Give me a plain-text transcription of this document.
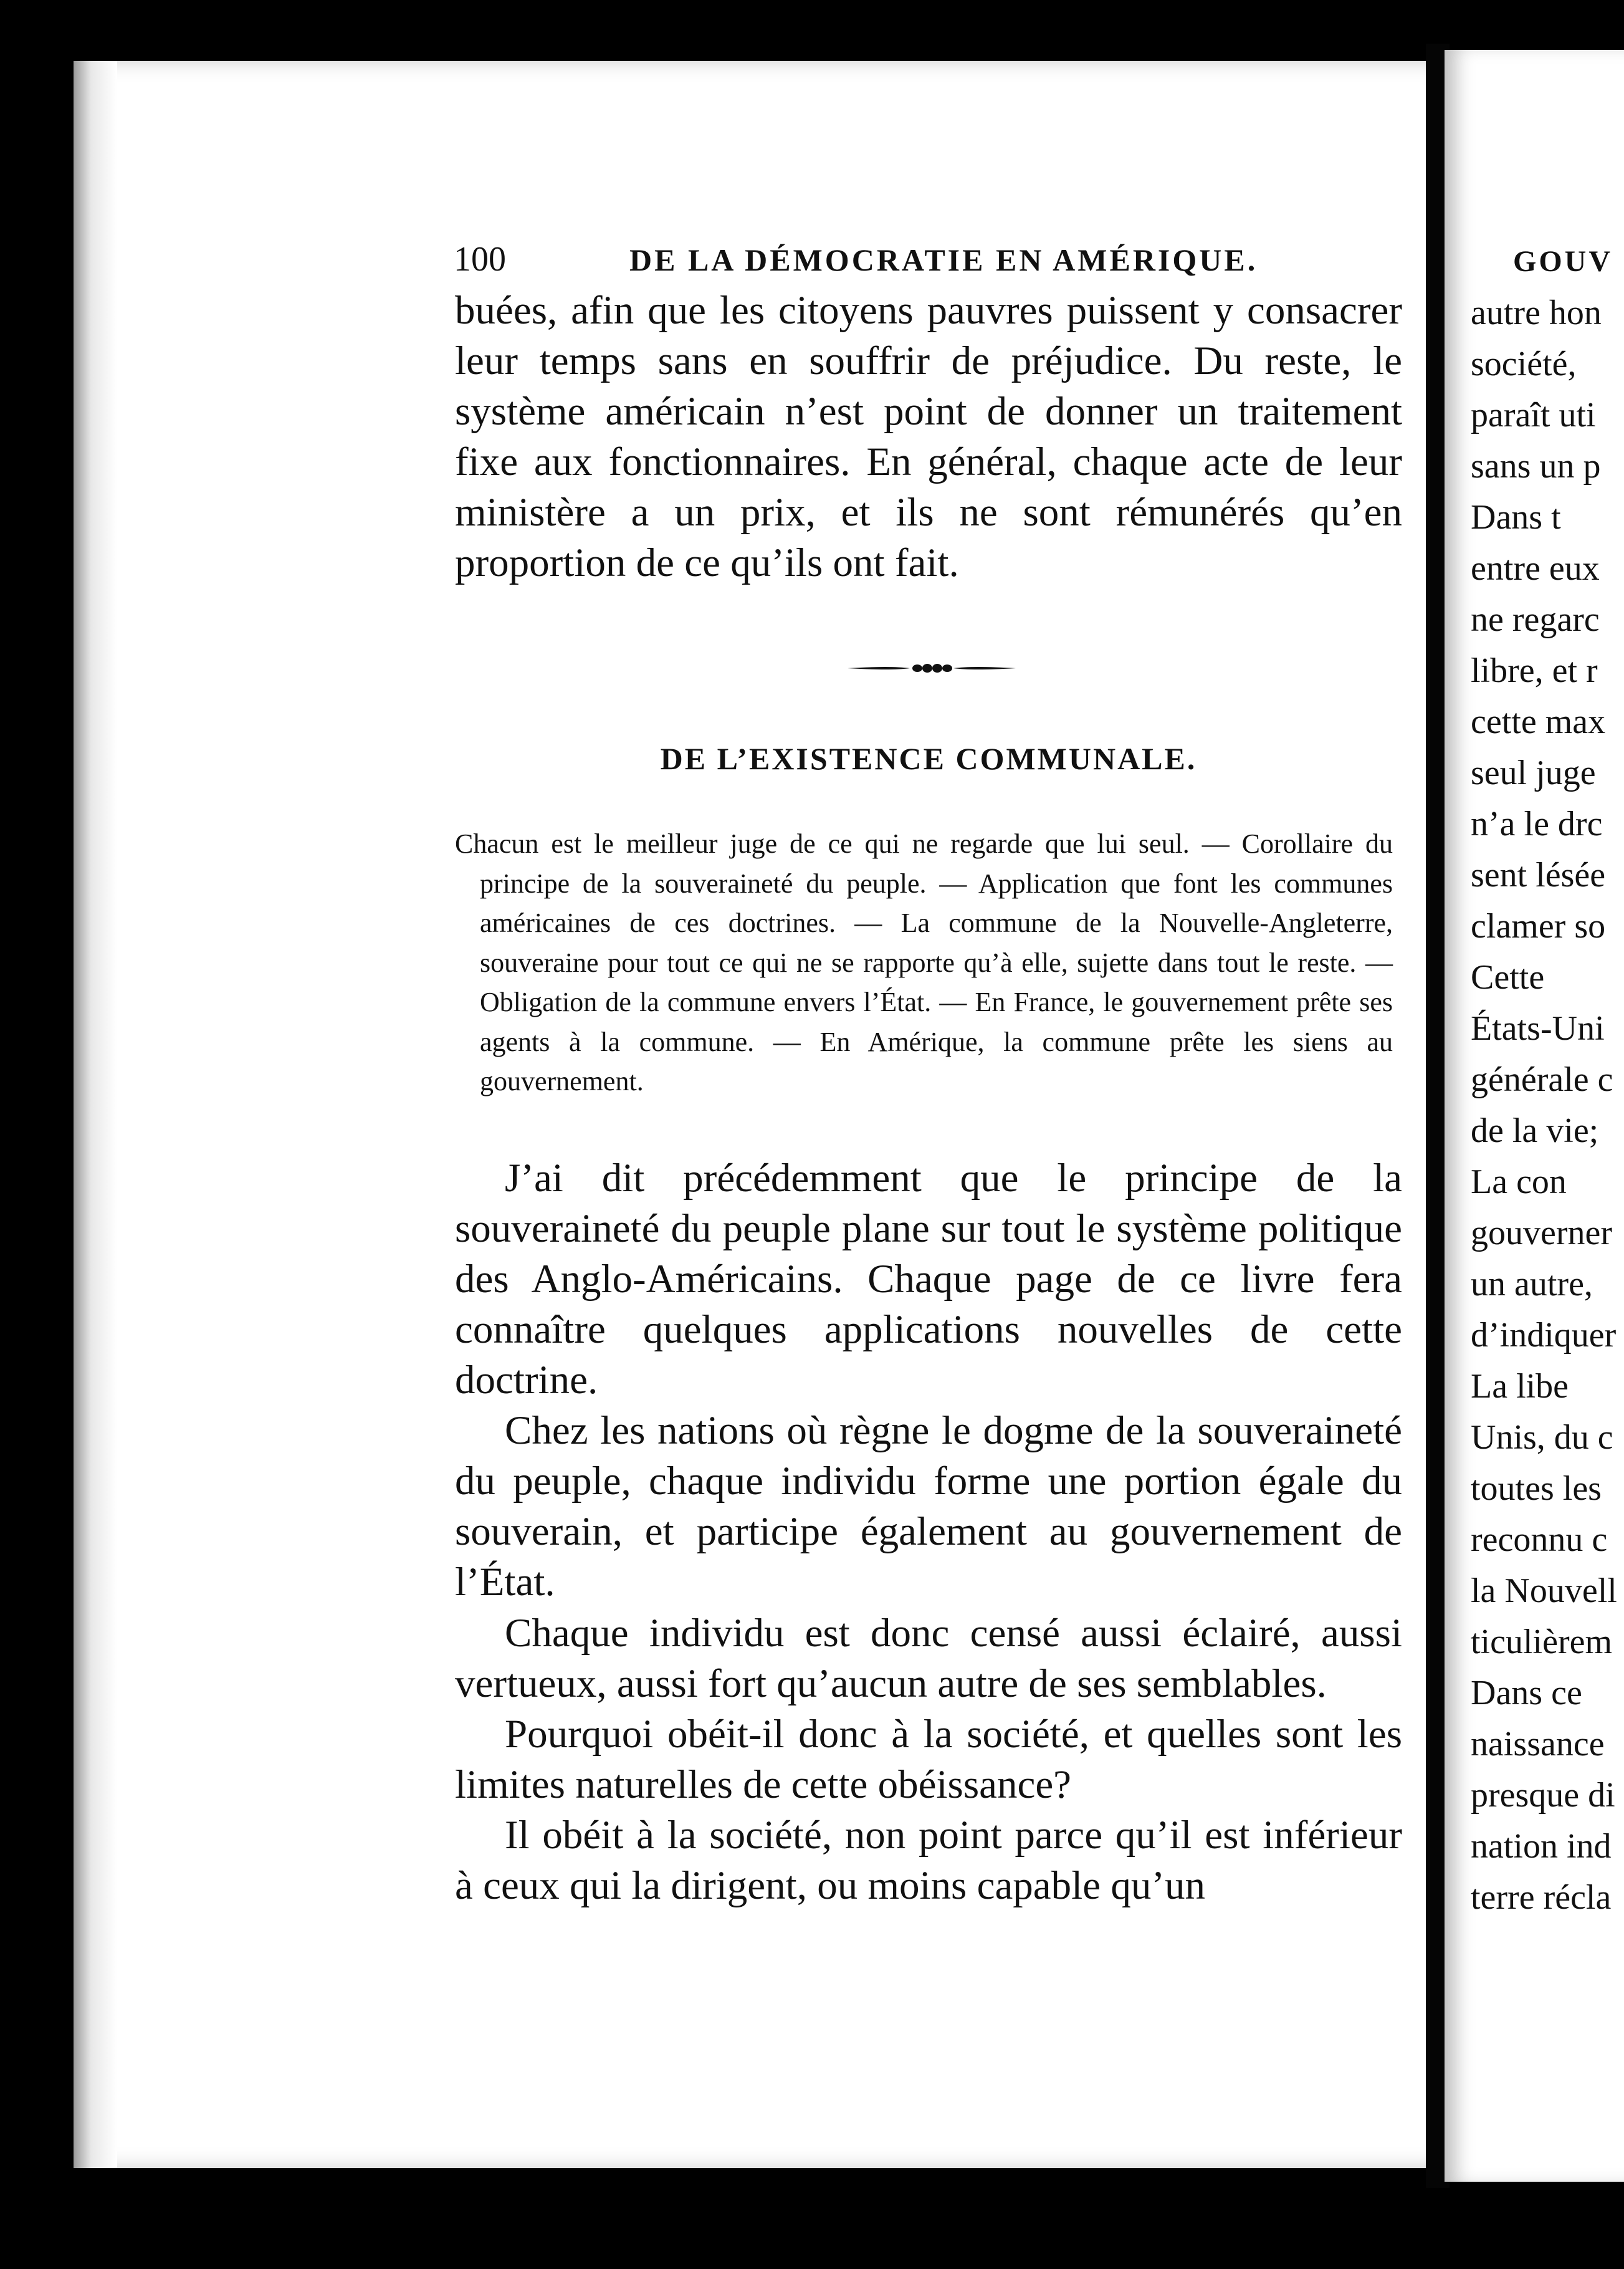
100	DE LA DÉMOCRATIE EN AMÉRIQUE.

buées, afin que les citoyens pauvres puissent y consacrer leur temps sans en souffrir de préjudice. Du reste, le système américain n’est point de donner un traitement fixe aux fonctionnaires. En général, chaque acte de leur ministère a un prix, et ils ne sont rémunérés qu’en proportion de ce qu’ils ont fait.

DE L’EXISTENCE COMMUNALE.
Chacun est le meilleur juge de ce qui ne regarde que lui seul. — Corollaire du principe de la souveraineté du peuple. — Application que font les communes américaines de ces doctrines. — La commune de la Nouvelle-Angleterre, souveraine pour tout ce qui ne se rapporte qu’à elle, sujette dans tout le reste. — Obligation de la commune envers l’État. — En France, le gouvernement prête ses agents à la commune. — En Amérique, la commune prête les siens au gouvernement.

J’ai dit précédemment que le principe de la souveraineté du peuple plane sur tout le système politique des Anglo-Américains. Chaque page de ce livre fera connaître quelques applications nouvelles de cette doctrine.

Chez les nations où règne le dogme de la souveraineté du peuple, chaque individu forme une portion égale du souverain, et participe également au gouvernement de l’État.

Chaque individu est donc censé aussi éclairé, aussi vertueux, aussi fort qu’aucun autre de ses semblables.

Pourquoi obéit-il donc à la société, et quelles sont les limites naturelles de cette obéissance?

Il obéit à la société, non point parce qu’il est inférieur à ceux qui la dirigent, ou moins capable qu’un

GOUV
autre hon
société,
paraît uti
sans un p
Dans t
entre eux
ne regarc
libre, et r
cette max
seul juge
n’a le drc
sent lésée
clamer so
Cette
États-Uni
générale c
de la vie;
La con
gouverner
un autre,
d’indiquer
La libe
Unis, du c
toutes les
reconnu c
la Nouvell
ticulièrem
Dans ce
naissance
presque di
nation ind
terre récla
